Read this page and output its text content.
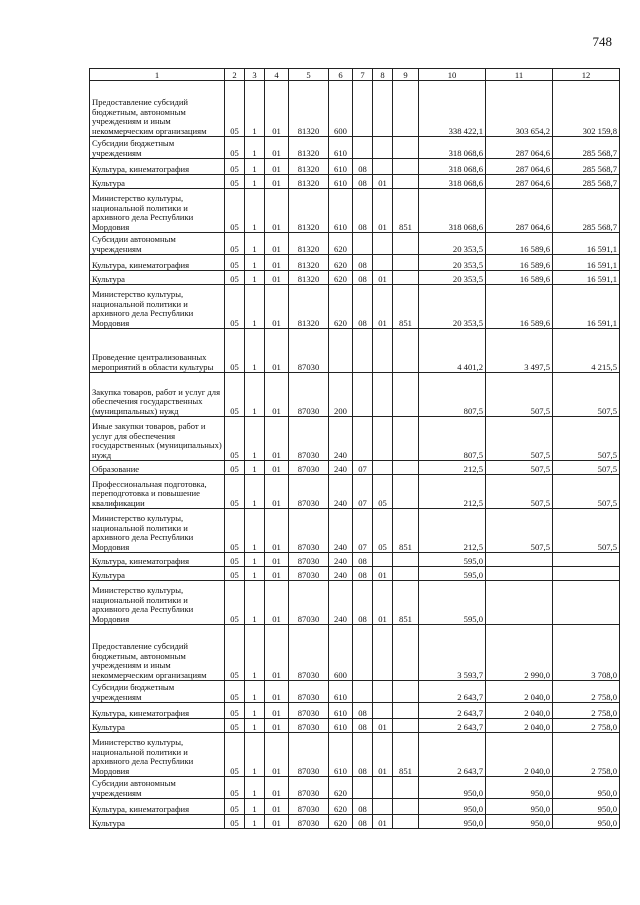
748
1	2	3	4	5	6	7	8	9	10	11	12
Предоставление субсидий бюджетным, автономным учреждениям и иным некоммерческим организациям	05	1	01	81320	600				338 422,1	303 654,2	302 159,8
Субсидии бюджетным учреждениям	05	1	01	81320	610				318 068,6	287 064,6	285 568,7
Культура, кинематография	05	1	01	81320	610	08			318 068,6	287 064,6	285 568,7
Культура	05	1	01	81320	610	08	01		318 068,6	287 064,6	285 568,7
Министерство культуры, национальной политики и архивного дела Республики Мордовия	05	1	01	81320	610	08	01	851	318 068,6	287 064,6	285 568,7
Субсидии автономным учреждениям	05	1	01	81320	620				20 353,5	16 589,6	16 591,1
Культура, кинематография	05	1	01	81320	620	08			20 353,5	16 589,6	16 591,1
Культура	05	1	01	81320	620	08	01		20 353,5	16 589,6	16 591,1
Министерство культуры, национальной политики и архивного дела Республики Мордовия	05	1	01	81320	620	08	01	851	20 353,5	16 589,6	16 591,1
Проведение централизованных мероприятий в области культуры	05	1	01	87030					4 401,2	3 497,5	4 215,5
Закупка товаров, работ и услуг для обеспечения государственных (муниципальных) нужд	05	1	01	87030	200				807,5	507,5	507,5
Иные закупки товаров, работ и услуг для обеспечения государственных (муниципальных) нужд	05	1	01	87030	240				807,5	507,5	507,5
Образование	05	1	01	87030	240	07			212,5	507,5	507,5
Профессиональная подготовка, переподготовка и повышение квалификации	05	1	01	87030	240	07	05		212,5	507,5	507,5
Министерство культуры, национальной политики и архивного дела Республики Мордовия	05	1	01	87030	240	07	05	851	212,5	507,5	507,5
Культура, кинематография	05	1	01	87030	240	08			595,0		
Культура	05	1	01	87030	240	08	01		595,0		
Министерство культуры, национальной политики и архивного дела Республики Мордовия	05	1	01	87030	240	08	01	851	595,0		
Предоставление субсидий бюджетным, автономным учреждениям и иным некоммерческим организациям	05	1	01	87030	600				3 593,7	2 990,0	3 708,0
Субсидии бюджетным учреждениям	05	1	01	87030	610				2 643,7	2 040,0	2 758,0
Культура, кинематография	05	1	01	87030	610	08			2 643,7	2 040,0	2 758,0
Культура	05	1	01	87030	610	08	01		2 643,7	2 040,0	2 758,0
Министерство культуры, национальной политики и архивного дела Республики Мордовия	05	1	01	87030	610	08	01	851	2 643,7	2 040,0	2 758,0
Субсидии автономным учреждениям	05	1	01	87030	620				950,0	950,0	950,0
Культура, кинематография	05	1	01	87030	620	08			950,0	950,0	950,0
Культура	05	1	01	87030	620	08	01		950,0	950,0	950,0
